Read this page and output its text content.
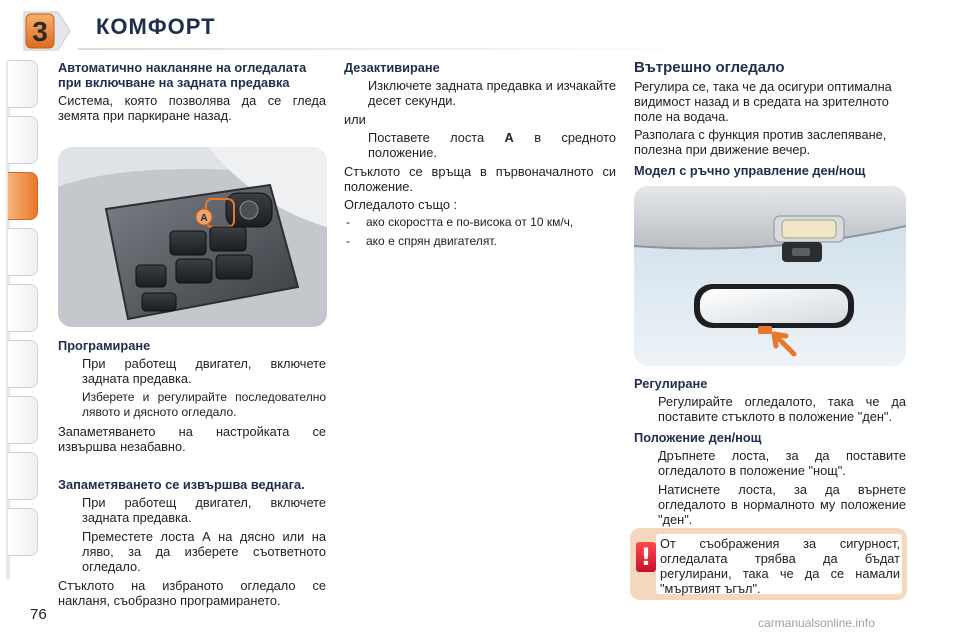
3 КОМФОРТ
Автоматично накланяне на огледалата при включване на задната предавка
Система, която позволява да се гледа земята при паркиране назад.
A
Програмиране
При работещ двигател, включете задната предавка.
Изберете и регулирайте последователно лявото и дясното огледало.
Запаметяването на настройката се извършва незабавно.
Запаметяването се извършва веднага.
При работещ двигател, включете задната предавка.
Преместете лоста А на дясно или на ляво, за да изберете съответното огледало.
Стъклото на избраното огледало се накланя, съобразно програмирането.
Дезактивиране
Изключете задната предавка и изчакайте десет секунди.
или
Поставете лоста A в средното положение.
Стъклото се връща в първоначалното си положение.
Огледалото също :
- ако скоростта е по-висока от 10 км/ч,
- ако е спрян двигателят.
Вътрешно огледало
Регулира се, така че да осигури оптимална видимост назад и в средата на зрителното поле на водача.
Разполага с функция против заслепяване, полезна при движение вечер.
Модел с ръчно управление ден/нощ
Регулиране
Регулирайте огледалото, така че да поставите стъклото в положение "ден".
Положение ден/нощ
Дръпнете лоста, за да поставите огледалото в положение "нощ".
Натиснете лоста, за да върнете огледалото в нормалното му положение "ден".
! От съображения за сигурност, огледалата трябва да бъдат регулирани, така че да се намали "мъртвият ъгъл".
76	carmanualsonline.info
